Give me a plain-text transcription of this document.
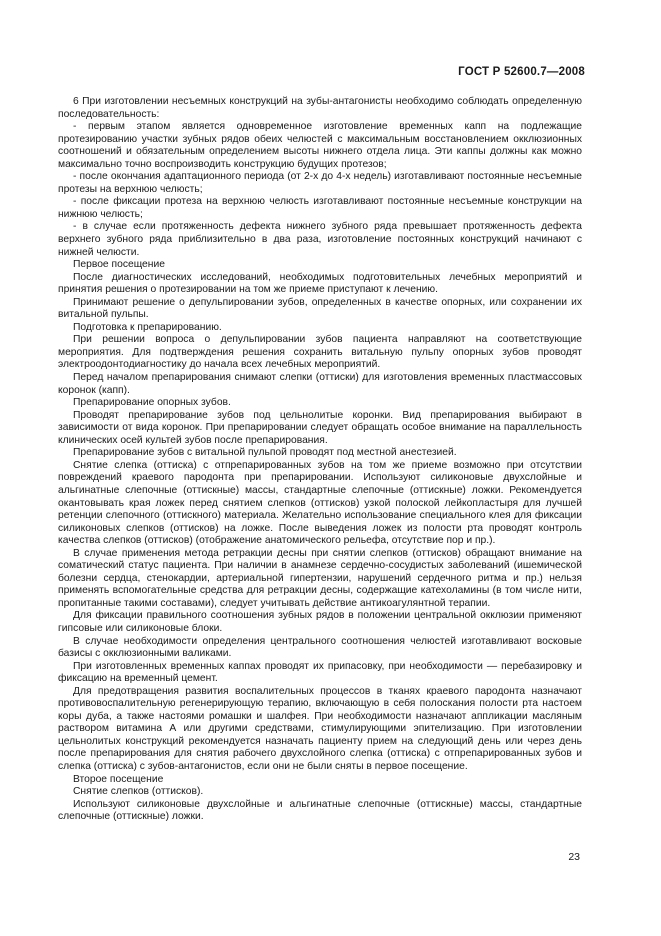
ГОСТ Р 52600.7—2008

6 При изготовлении несъемных конструкций на зубы-антагонисты необходимо соблюдать определенную последовательность:

- первым этапом является одновременное изготовление временных капп на подлежащие протезированию участки зубных рядов обеих челюстей с максимальным восстановлением окклюзионных соотношений и обязательным определением высоты нижнего отдела лица. Эти каппы должны как можно максимально точно воспроизводить конструкцию будущих протезов;

- после окончания адаптационного периода (от 2-х до 4-х недель) изготавливают постоянные несъемные протезы на верхнюю челюсть;

- после фиксации протеза на верхнюю челюсть изготавливают постоянные несъемные конструкции на нижнюю челюсть;

- в случае если протяженность дефекта нижнего зубного ряда превышает протяженность дефекта верхнего зубного ряда приблизительно в два раза, изготовление постоянных конструкций начинают с нижней челюсти.

Первое посещение

После диагностических исследований, необходимых подготовительных лечебных мероприятий и принятия решения о протезировании на том же приеме приступают к лечению.

Принимают решение о депульпировании зубов, определенных в качестве опорных, или сохранении их витальной пульпы.

Подготовка к препарированию.

При решении вопроса о депульпировании зубов пациента направляют на соответствующие мероприятия. Для подтверждения решения сохранить витальную пульпу опорных зубов проводят электроодонтодиагностику до начала всех лечебных мероприятий.

Перед началом препарирования снимают слепки (оттиски) для изготовления временных пластмассовых коронок (капп).

Препарирование опорных зубов.

Проводят препарирование зубов под цельнолитые коронки. Вид препарирования выбирают в зависимости от вида коронок. При препарировании следует обращать особое внимание на параллельность клинических осей культей зубов после препарирования.

Препарирование зубов с витальной пульпой проводят под местной анестезией.

Снятие слепка (оттиска) с отпрепарированных зубов на том же приеме возможно при отсутствии повреждений краевого пародонта при препарировании. Используют силиконовые двухслойные и альгинатные слепочные (оттискные) массы, стандартные слепочные (оттискные) ложки. Рекомендуется окантовывать края ложек перед снятием слепков (оттисков) узкой полоской лейкопластыря для лучшей ретенции слепочного (оттискного) материала. Желательно использование специального клея для фиксации силиконовых слепков (оттисков) на ложке. После выведения ложек из полости рта проводят контроль качества слепков (оттисков) (отображение анатомического рельефа, отсутствие пор и пр.).

В случае применения метода ретракции десны при снятии слепков (оттисков) обращают внимание на соматический статус пациента. При наличии в анамнезе сердечно-сосудистых заболеваний (ишемической болезни сердца, стенокардии, артериальной гипертензии, нарушений сердечного ритма и пр.) нельзя применять вспомогательные средства для ретракции десны, содержащие катехоламины (в том числе нити, пропитанные такими составами), следует учитывать действие антикоагулянтной терапии.

Для фиксации правильного соотношения зубных рядов в положении центральной окклюзии применяют гипсовые или силиконовые блоки.

В случае необходимости определения центрального соотношения челюстей изготавливают восковые базисы с окклюзионными валиками.

При изготовленных временных каппах проводят их припасовку, при необходимости — перебазировку и фиксацию на временный цемент.

Для предотвращения развития воспалительных процессов в тканях краевого пародонта назначают противовоспалительную регенерирующую терапию, включающую в себя полоскания полости рта настоем коры дуба, а также настоями ромашки и шалфея. При необходимости назначают аппликации масляным раствором витамина А или другими средствами, стимулирующими эпителизацию. При изготовлении цельнолитых конструкций рекомендуется назначать пациенту прием на следующий день или через день после препарирования для снятия рабочего двухслойного слепка (оттиска) с отпрепарированных зубов и слепка (оттиска) с зубов-антагонистов, если они не были сняты в первое посещение.

Второе посещение

Снятие слепков (оттисков).

Используют силиконовые двухслойные и альгинатные слепочные (оттискные) массы, стандартные слепочные (оттискные) ложки.

23
